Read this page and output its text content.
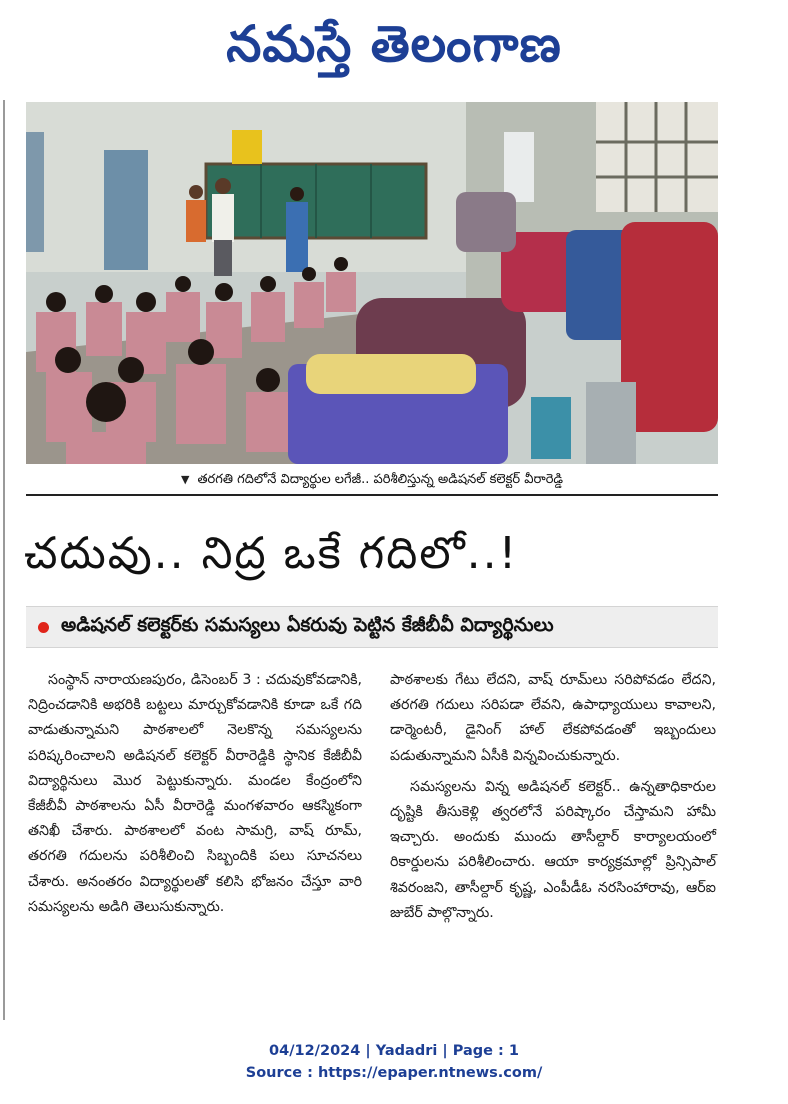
నమస్తే తెలంగాణ
▼ తరగతి గదిలోనే విద్యార్థుల లగేజీ.. పరిశీలిస్తున్న అడిషనల్ కలెక్టర్ వీరారెడ్డి
చదువు.. నిద్ర ఒకే గదిలో..!
అడిషనల్ కలెక్టర్‌కు సమస్యలు ఏకరువు పెట్టిన కేజీబీవీ విద్యార్థినులు

సంస్థాన్ నారాయణపురం, డిసెంబర్ 3 : చదువుకోవడానికి, నిద్రించడానికి అభరికి బట్టలు మార్చుకోవడానికి కూడా ఒకే గది వాడుతున్నామని పాఠశాలలో నెలకొన్న సమస్యలను పరిష్కరించాలని అడిషనల్ కలెక్టర్ వీరారెడ్డికి స్థానిక కేజీబీవీ విద్యార్థినులు మొర పెట్టుకున్నారు. మండల కేంద్రంలోని కేజీబీవీ పాఠశాలను ఏసీ వీరారెడ్డి మంగళవారం ఆకస్మికంగా తనిఖీ చేశారు. పాఠశాలలో వంట సామగ్రి, వాష్ రూమ్, తరగతి గదులను పరిశీలించి సిబ్బందికి పలు సూచనలు చేశారు. అనంతరం విద్యార్థులతో కలిసి భోజనం చేస్తూ వారి సమస్యలను అడిగి తెలుసుకున్నారు.

పాఠశాలకు గేటు లేదని, వాష్ రూమ్‌లు సరిపోవడం లేదని, తరగతి గదులు సరిపడా లేవని, ఉపాధ్యాయులు కావాలని, డార్మెంటరీ, డైనింగ్ హాల్ లేకపోవడంతో ఇబ్బందులు పడుతున్నామని ఏసీకి విన్నవించుకున్నారు.

సమస్యలను విన్న అడిషనల్ కలెక్టర్.. ఉన్నతాధికారుల దృష్టికి తీసుకెళ్లి త్వరలోనే పరిష్కారం చేస్తామని హామీ ఇచ్చారు. అందుకు ముందు తాసీల్దార్ కార్యాలయంలో రికార్డులను పరిశీలించారు. ఆయా కార్యక్రమాల్లో ప్రిన్సిపాల్ శివరంజని, తాసీల్దార్ కృష్ణ, ఎంపీడీఓ నరసింహారావు, ఆర్ఐ జుబేర్ పాల్గొన్నారు.

04/12/2024 | Yadadri | Page : 1
Source : https://epaper.ntnews.com/
